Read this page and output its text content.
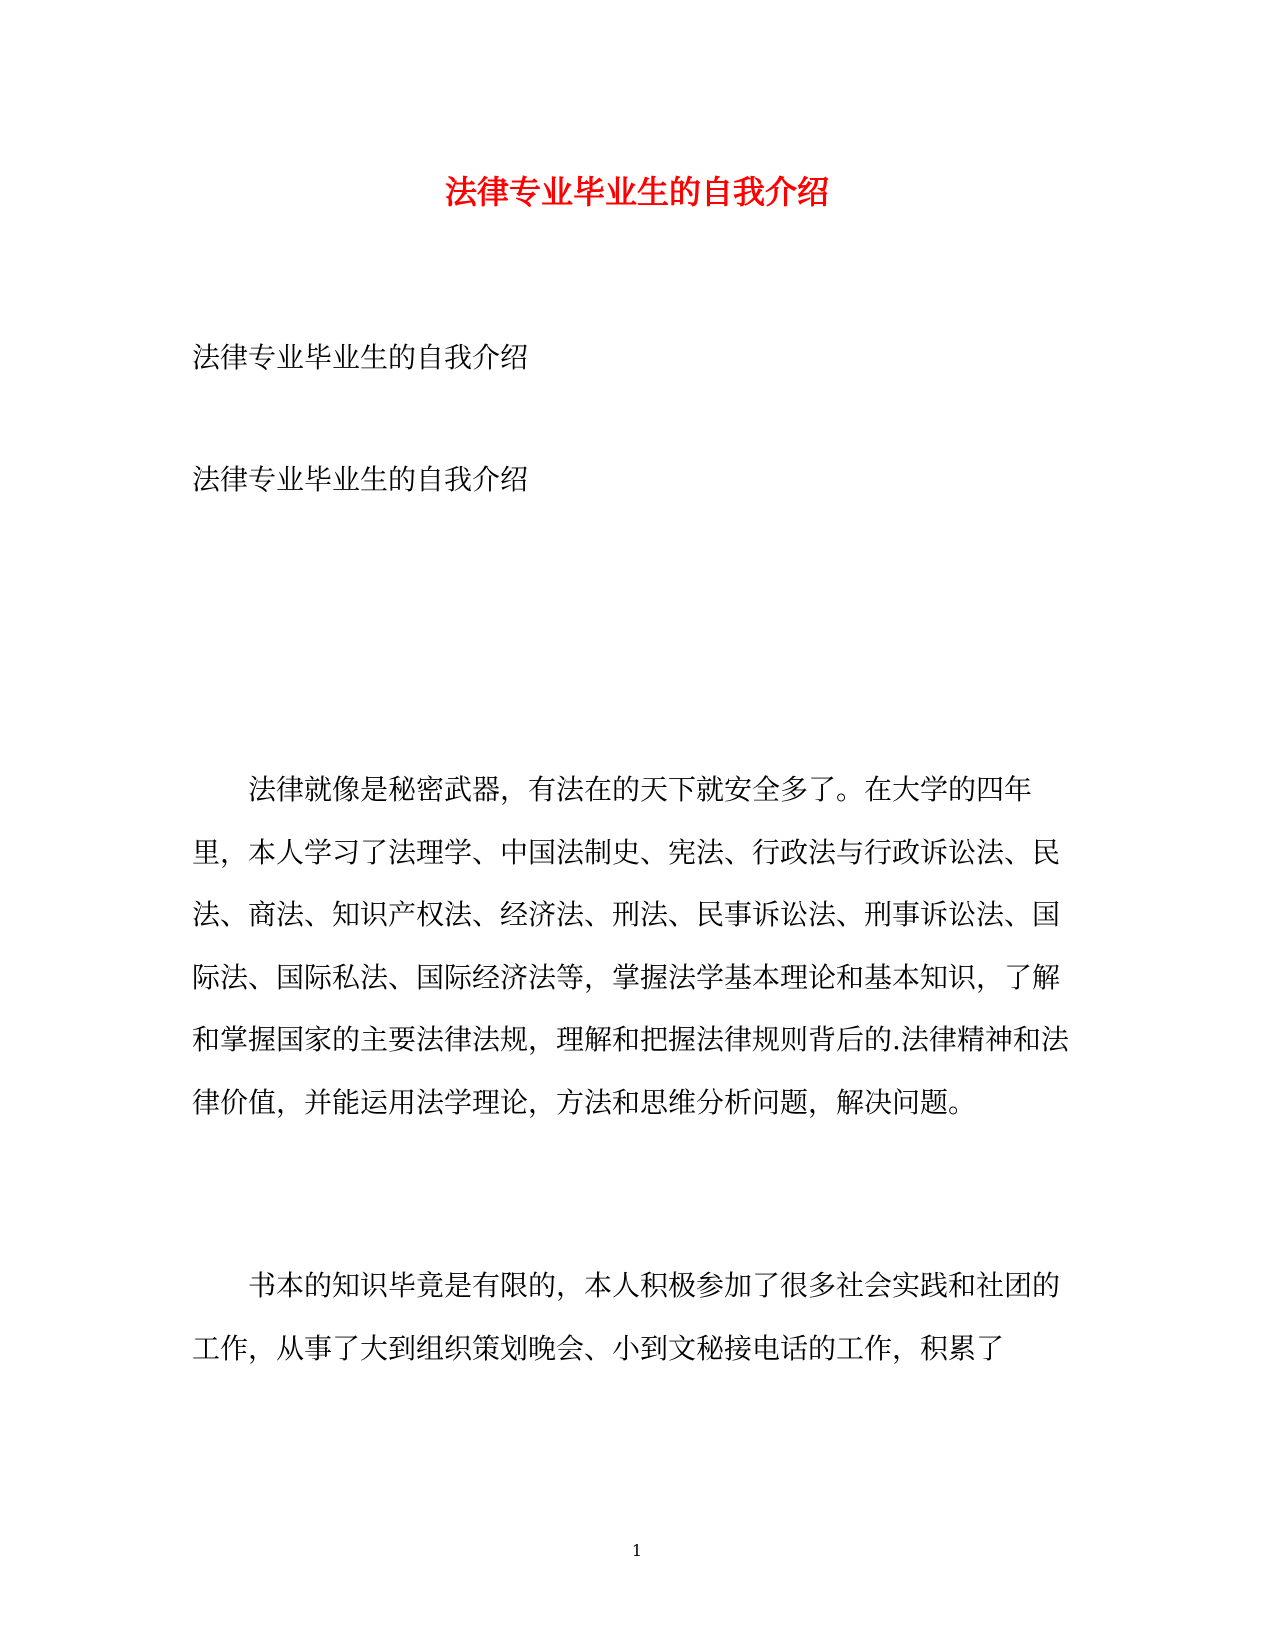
法律专业毕业生的自我介绍

法律专业毕业生的自我介绍

法律专业毕业生的自我介绍

法律就像是秘密武器，有法在的天下就安全多了。在大学的四年里，本人学习了法理学、中国法制史、宪法、行政法与行政诉讼法、民法、商法、知识产权法、经济法、刑法、民事诉讼法、刑事诉讼法、国际法、国际私法、国际经济法等，掌握法学基本理论和基本知识，了解和掌握国家的主要法律法规，理解和把握法律规则背后的.法律精神和法律价值，并能运用法学理论，方法和思维分析问题，解决问题。

书本的知识毕竟是有限的，本人积极参加了很多社会实践和社团的工作，从事了大到组织策划晚会、小到文秘接电话的工作，积累了

1
